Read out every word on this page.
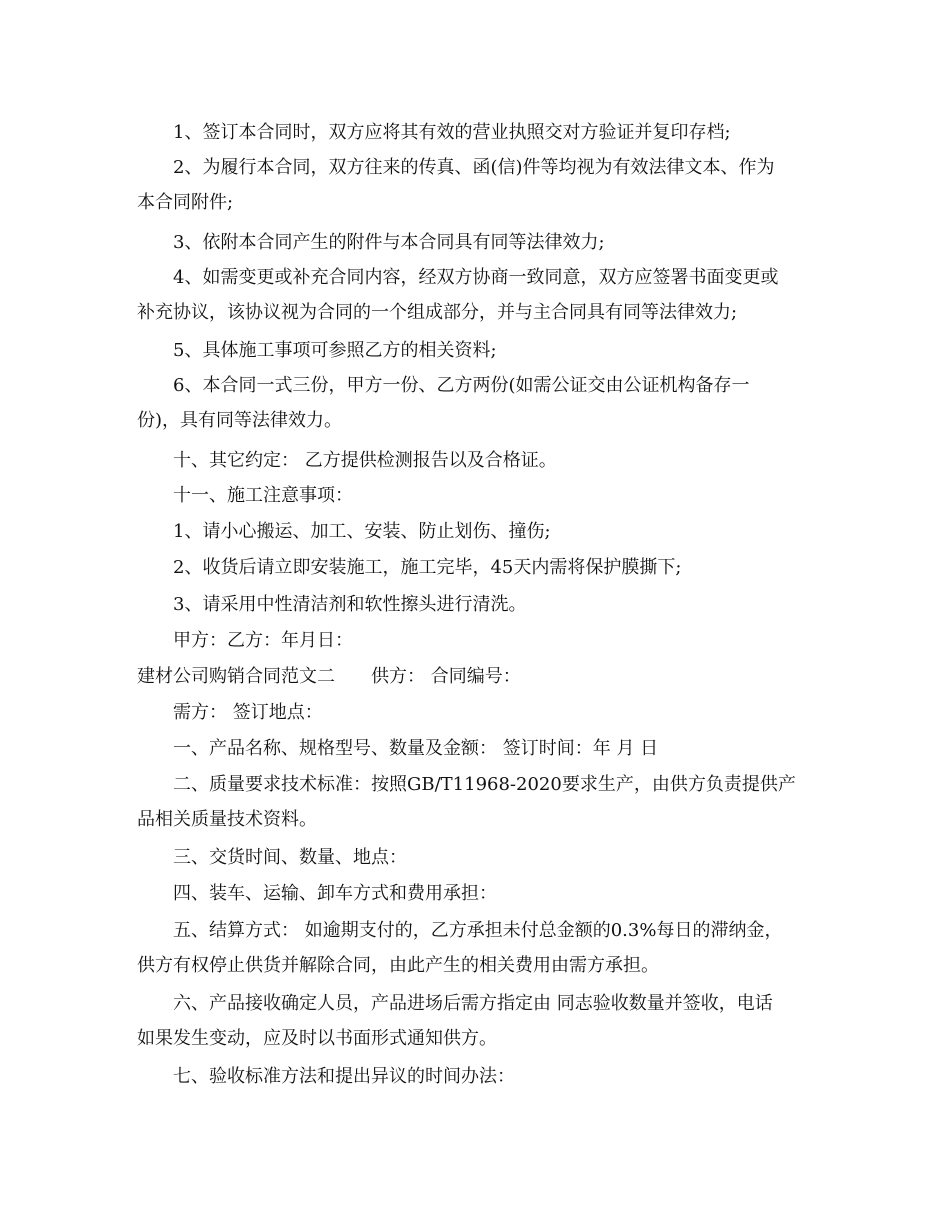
1、签订本合同时，双方应将其有效的营业执照交对方验证并复印存档;

2、为履行本合同，双方往来的传真、函(信)件等均视为有效法律文本、作为
本合同附件;

3、依附本合同产生的附件与本合同具有同等法律效力;

4、如需变更或补充合同内容，经双方协商一致同意，双方应签署书面变更或
补充协议，该协议视为合同的一个组成部分，并与主合同具有同等法律效力;

5、具体施工事项可参照乙方的相关资料;

6、本合同一式三份，甲方一份、乙方两份(如需公证交由公证机构备存一
份)，具有同等法律效力。

十、其它约定： 乙方提供检测报告以及合格证。

十一、施工注意事项：

1、请小心搬运、加工、安装、防止划伤、撞伤;

2、收货后请立即安装施工，施工完毕，45天内需将保护膜撕下;

3、请采用中性清洁剂和软性擦头进行清洗。

甲方：乙方：年月日：

建材公司购销合同范文二　　供方： 合同编号：

需方： 签订地点：

一、产品名称、规格型号、数量及金额： 签订时间：年 月 日

二、质量要求技术标准：按照GB/T11968-2020要求生产，由供方负责提供产
品相关质量技术资料。

三、交货时间、数量、地点：

四、装车、运输、卸车方式和费用承担：

五、结算方式： 如逾期支付的，乙方承担未付总金额的0.3%每日的滞纳金，
供方有权停止供货并解除合同，由此产生的相关费用由需方承担。

六、产品接收确定人员，产品进场后需方指定由 同志验收数量并签收，电话
如果发生变动，应及时以书面形式通知供方。

七、验收标准方法和提出异议的时间办法：
